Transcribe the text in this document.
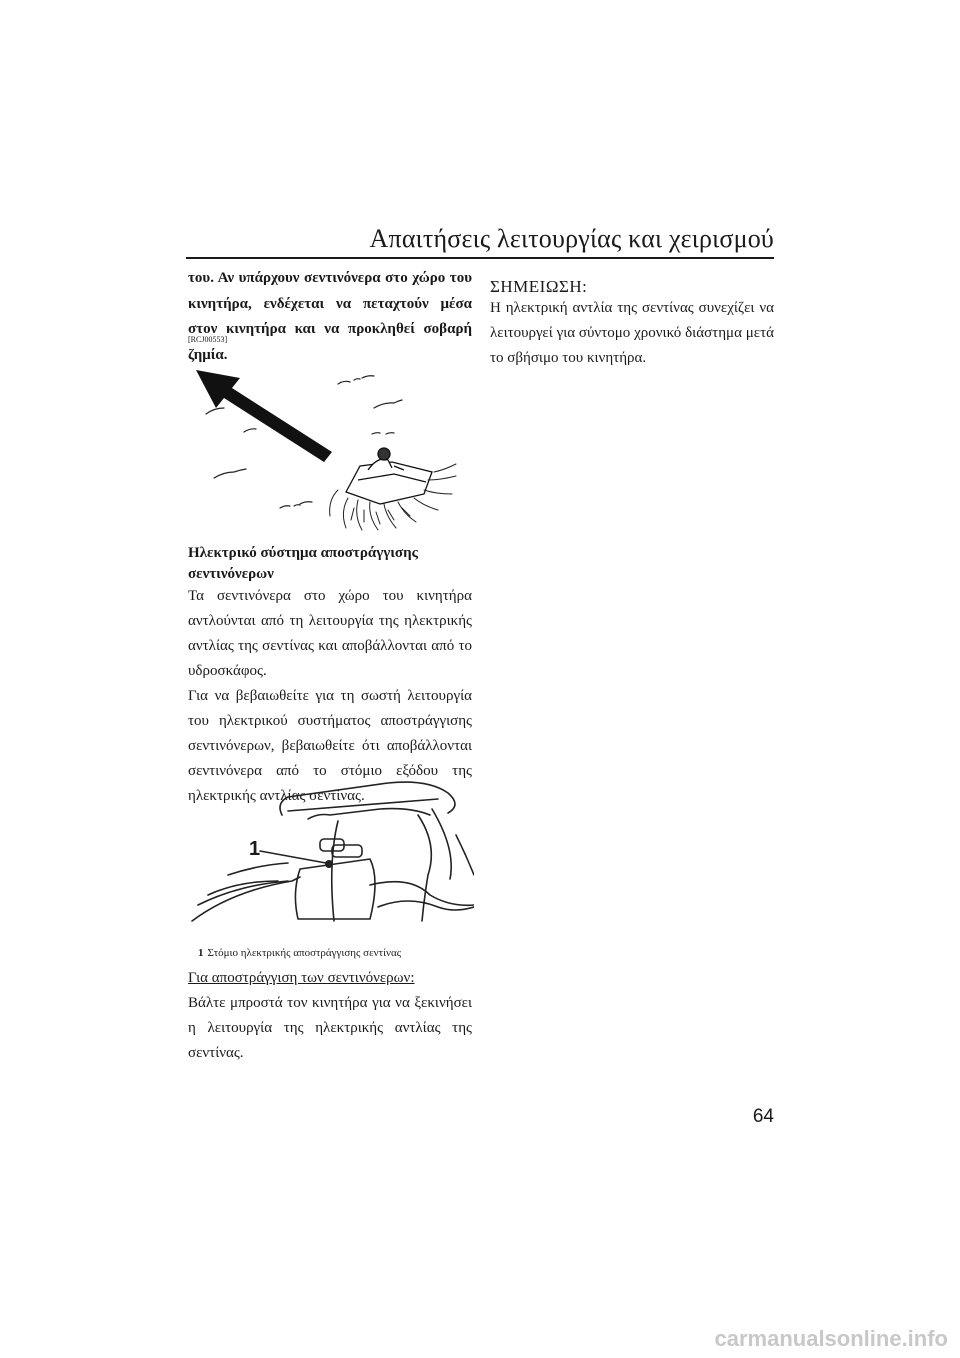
Απαιτήσεις λειτουργίας και χειρισμού

του. Αν υπάρχουν σεντινόνερα στο χώρο του κινητήρα, ενδέχεται να πεταχτούν μέσα στον κινητήρα και να προκληθεί σοβαρή ζημία.

[RCJ00553]

Ηλεκτρικό σύστημα αποστράγγισης σεντινόνερων

Τα σεντινόνερα στο χώρο του κινητήρα αντλούνται από τη λειτουργία της ηλεκτρικής αντλίας της σεντίνας και αποβάλλονται από το υδροσκάφος.

Για να βεβαιωθείτε για τη σωστή λειτουργία του ηλεκτρικού συστήματος αποστράγγισης σεντινόνερων, βεβαιωθείτε ότι αποβάλλονται σεντινόνερα από το στόμιο εξόδου της ηλεκτρικής αντλίας σεντίνας.

1
1 Στόμιο ηλεκτρικής αποστράγγισης σεντίνας

Για αποστράγγιση των σεντινόνερων:

Βάλτε μπροστά τον κινητήρα για να ξεκινήσει η λειτουργία της ηλεκτρικής αντλίας της σεντίνας.

ΣΗΜΕΙΩΣΗ:

Η ηλεκτρική αντλία της σεντίνας συνεχίζει να λειτουργεί για σύντομο χρονικό διάστημα μετά το σβήσιμο του κινητήρα.

64
carmanualsonline.info
